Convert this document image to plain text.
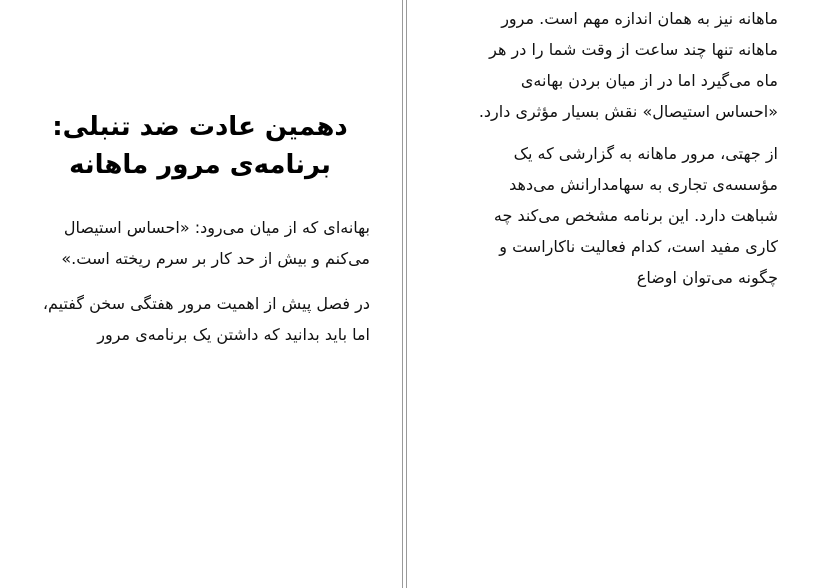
دهمین عادت ضد تنبلی:
برنامه‌ی مرور ماهانه

بهانه‌ای که از میان می‌رود: «احساس استیصال می‌کنم و بیش از حد کار بر سرم ریخته است.»

در فصل پیش از اهمیت مرور هفتگی سخن گفتیم، اما باید بدانید که داشتن یک برنامه‌ی مرور

ماهانه نیز به همان اندازه مهم است. مرور ماهانه تنها چند ساعت از وقت شما را در هر ماه می‌گیرد اما در از میان بردن بهانه‌ی «احساس استیصال» نقش بسیار مؤثری دارد.

از جهتی، مرور ماهانه به گزارشی که یک مؤسسه‌ی تجاری به سهامدارانش می‌دهد شباهت دارد. این برنامه مشخص می‌کند چه کاری مفید است، کدام فعالیت ناکاراست و چگونه می‌توان اوضاع
